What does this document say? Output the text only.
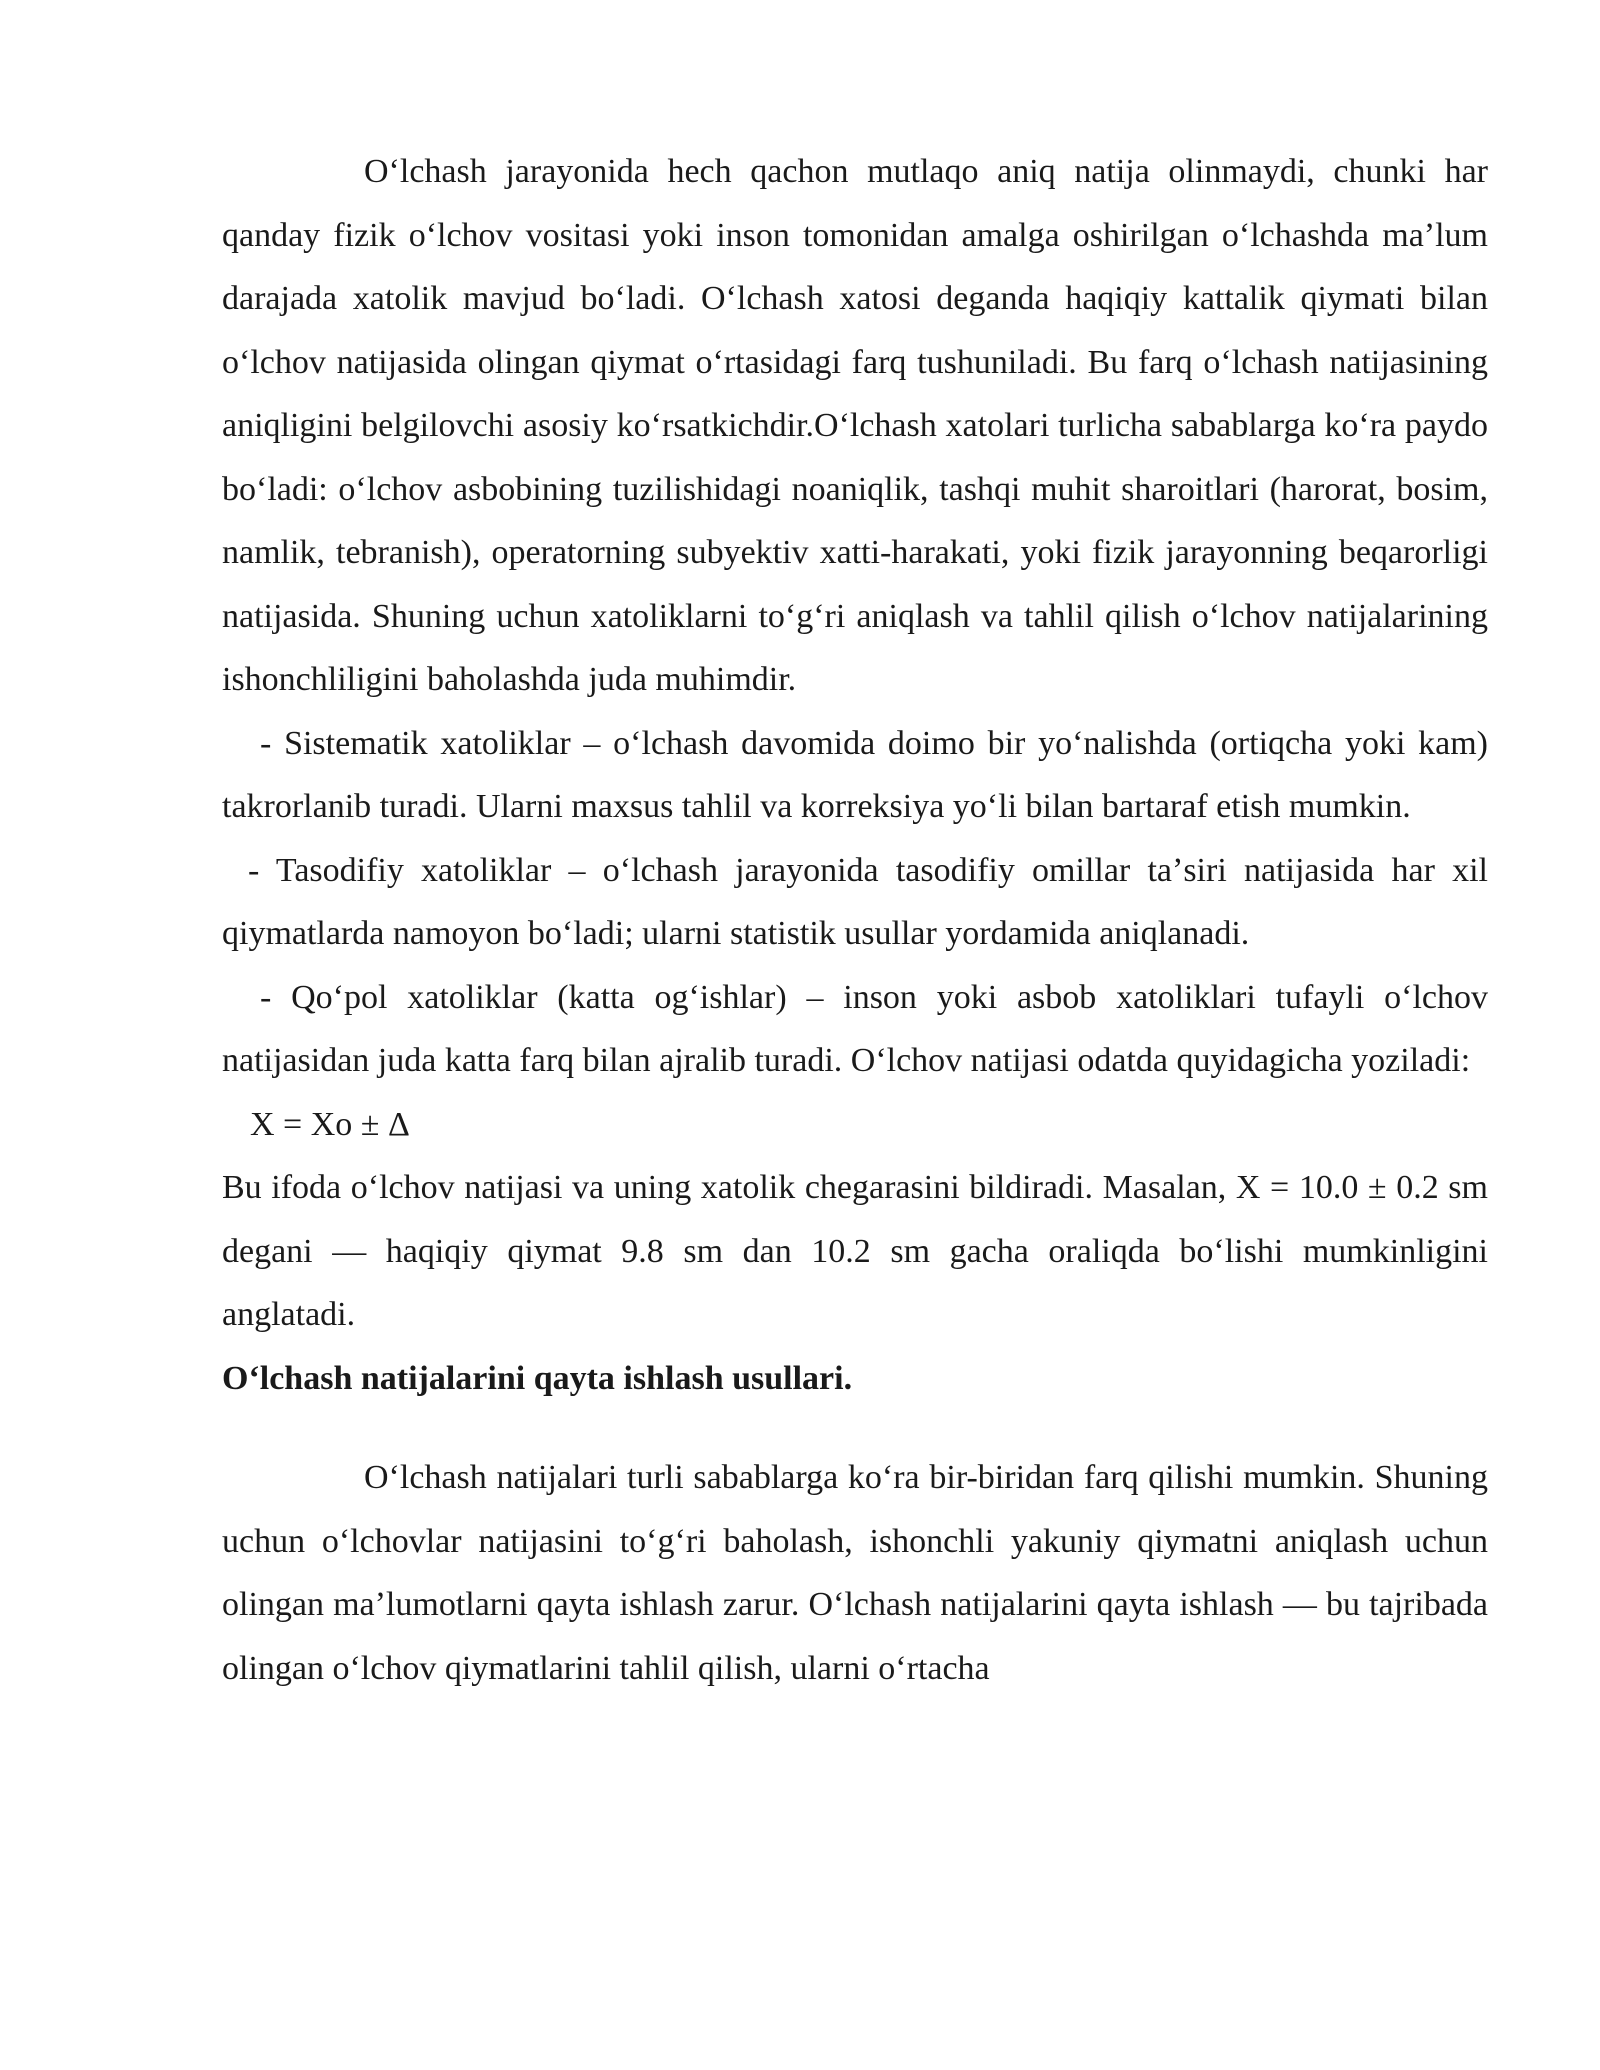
Oʻlchash jarayonida hech qachon mutlaqo aniq natija olinmaydi, chunki har qanday fizik oʻlchov vositasi yoki inson tomonidan amalga oshirilgan oʻlchashda maʼlum darajada xatolik mavjud boʻladi. Oʻlchash xatosi deganda haqiqiy kattalik qiymati bilan oʻlchov natijasida olingan qiymat oʻrtasidagi farq tushuniladi. Bu farq oʻlchash natijasining aniqligini belgilovchi asosiy koʻrsatkichdir.Oʻlchash xatolari turlicha sabablarga koʻra paydo boʻladi: oʻlchov asbobining tuzilishidagi noaniqlik, tashqi muhit sharoitlari (harorat, bosim, namlik, tebranish), operatorning subyektiv xatti-harakati, yoki fizik jarayonning beqarorligi natijasida. Shuning uchun xatoliklarni toʻgʻri aniqlash va tahlil qilish oʻlchov natijalarining ishonchliligini baholashda juda muhimdir.

- Sistematik xatoliklar – oʻlchash davomida doimo bir yoʻnalishda (ortiqcha yoki kam) takrorlanib turadi. Ularni maxsus tahlil va korreksiya yoʻli bilan bartaraf etish mumkin.

- Tasodifiy xatoliklar – oʻlchash jarayonida tasodifiy omillar taʼsiri natijasida har xil qiymatlarda namoyon boʻladi; ularni statistik usullar yordamida aniqlanadi.

- Qoʻpol xatoliklar (katta ogʻishlar) – inson yoki asbob xatoliklari tufayli oʻlchov natijasidan juda katta farq bilan ajralib turadi. Oʻlchov natijasi odatda quyidagicha yoziladi:

X = Xo ± Δ

Bu ifoda oʻlchov natijasi va uning xatolik chegarasini bildiradi. Masalan, X = 10.0 ± 0.2 sm degani — haqiqiy qiymat 9.8 sm dan 10.2 sm gacha oraliqda boʻlishi mumkinligini anglatadi.

Oʻlchash natijalarini qayta ishlash usullari.

Oʻlchash natijalari turli sabablarga koʻra bir-biridan farq qilishi mumkin. Shuning uchun oʻlchovlar natijasini toʻgʻri baholash, ishonchli yakuniy qiymatni aniqlash uchun olingan maʼlumotlarni qayta ishlash zarur. Oʻlchash natijalarini qayta ishlash — bu tajribada olingan oʻlchov qiymatlarini tahlil qilish, ularni oʻrtacha
